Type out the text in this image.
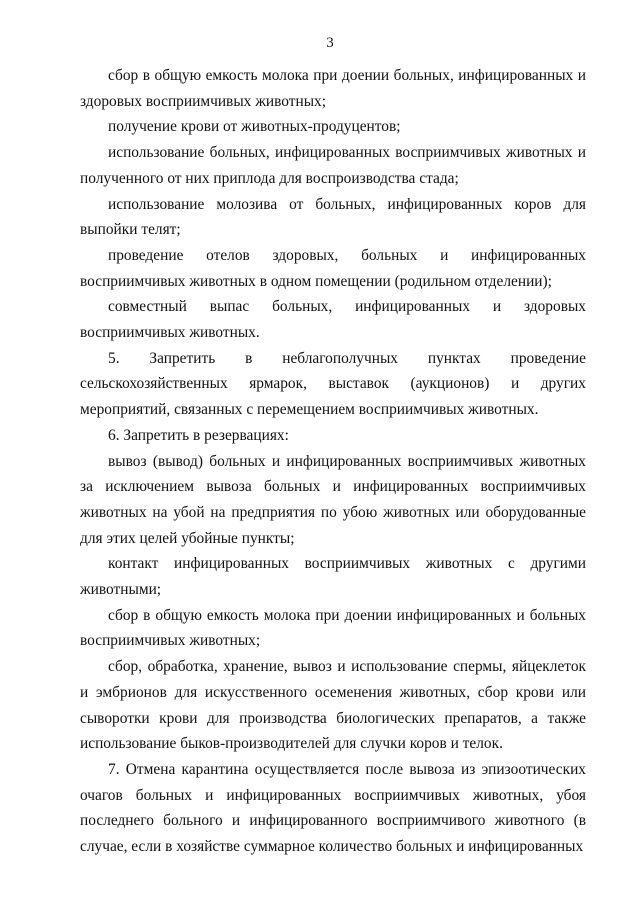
3

сбор в общую емкость молока при доении больных, инфицированных и здоровых восприимчивых животных;

получение крови от животных-продуцентов;

использование больных, инфицированных восприимчивых животных и полученного от них приплода для воспроизводства стада;

использование молозива от больных, инфицированных коров для выпойки телят;

проведение отелов здоровых, больных и инфицированных восприимчивых животных в одном помещении (родильном отделении);

совместный выпас больных, инфицированных и здоровых восприимчивых животных.

5. Запретить в неблагополучных пунктах проведение сельскохозяйственных ярмарок, выставок (аукционов) и других мероприятий, связанных с перемещением восприимчивых животных.

6. Запретить в резервациях:

вывоз (вывод) больных и инфицированных восприимчивых животных за исключением вывоза больных и инфицированных восприимчивых животных на убой на предприятия по убою животных или оборудованные для этих целей убойные пункты;

контакт инфицированных восприимчивых животных с другими животными;

сбор в общую емкость молока при доении инфицированных и больных восприимчивых животных;

сбор, обработка, хранение, вывоз и использование спермы, яйцеклеток и эмбрионов для искусственного осеменения животных, сбор крови или сыворотки крови для производства биологических препаратов, а также использование быков-производителей для случки коров и телок.

7. Отмена карантина осуществляется после вывоза из эпизоотических очагов больных и инфицированных восприимчивых животных, убоя последнего больного и инфицированного восприимчивого животного (в случае, если в хозяйстве суммарное количество больных и инфицированных
